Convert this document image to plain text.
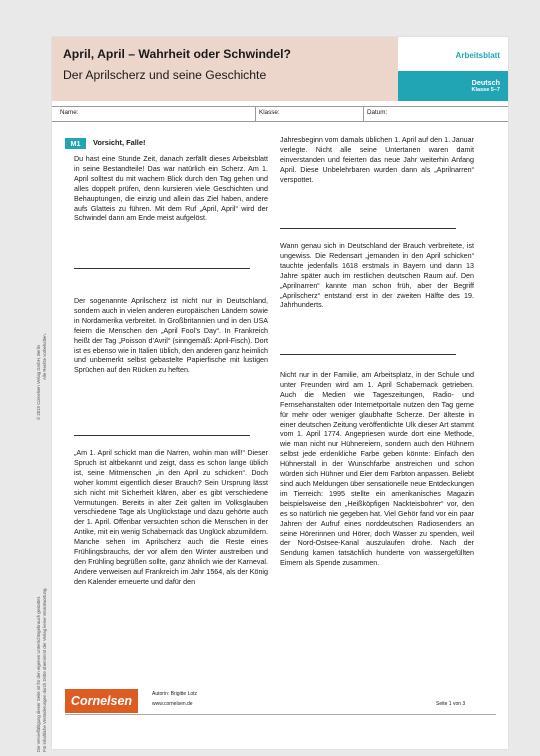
© 2019 Cornelsen Verlag GmbH, Berlin Alle Rechte vorbehalten.
Die Vervielfältigung dieser Seite ist für den eigenen Unterrichtsgebrauch gestattet. Für inhaltliche Veränderungen durch Dritte übernimmt der Verlag keine Verantwortung.
April, April – Wahrheit oder Schwindel?
Der Aprilscherz und seine Geschichte
Arbeitsblatt
Deutsch
Klasse 5–7
Name:	Klasse:	Datum:
M1	Vorsicht, Falle!

Du hast eine Stunde Zeit, danach zerfällt dieses Arbeitsblatt in seine Bestandteile! Das war natürlich ein Scherz. Am 1. April solltest du mit wachem Blick durch den Tag gehen und alles doppelt prüfen, denn kursieren viele Geschichten und Behauptungen, die einzig und allein das Ziel haben, andere aufs Glatteis zu führen. Mit dem Ruf „April, April“ wird der Schwindel dann am Ende meist aufgelöst.

Der sogenannte Aprilscherz ist nicht nur in Deutschland, sondern auch in vielen anderen europäischen Ländern sowie in Nordamerika verbreitet. In Großbritannien und in den USA feiern die Menschen den „April Fool’s Day“. In Frankreich heißt der Tag „Poisson d’Avril“ (sinngemäß: April-Fisch). Dort ist es ebenso wie in Italien üblich, den anderen ganz heimlich und unbemerkt selbst gebastelte Papierfische mit lustigen Sprüchen auf den Rücken zu heften.

„Am 1. April schickt man die Narren, wohin man will!“ Dieser Spruch ist altbekannt und zeigt, dass es schon lange üblich ist, seine Mitmenschen „in den April zu schicken“. Doch woher kommt eigentlich dieser Brauch? Sein Ursprung lässt sich nicht mit Sicherheit klären, aber es gibt verschiedene Vermutungen. Bereits in alter Zeit galten im Volksglauben verschiedene Tage als Unglückstage und dazu gehörte auch der 1. April. Offenbar versuchten schon die Menschen in der Antike, mit ein wenig Schabernack das Unglück abzumildern. Manche sehen im Aprilscherz auch die Reste eines Frühlingsbrauchs, der vor allem den Winter austreiben und den Frühling begrüßen sollte, ganz ähnlich wie der Karneval. Andere verweisen auf Frankreich im Jahr 1564, als der König den Kalender erneuerte und dafür den

Jahresbeginn vom damals üblichen 1. April auf den 1. Januar verlegte. Nicht alle seine Untertanen waren damit einverstanden und feierten das neue Jahr weiterhin Anfang April. Diese Unbelehrbaren wurden dann als „Aprilnarren“ verspottet.

Wann genau sich in Deutschland der Brauch verbreitete, ist ungewiss. Die Redensart „jemanden in den April schicken“ tauchte jedenfalls 1618 erstmals in Bayern und dann 13 Jahre später auch im restlichen deutschen Raum auf. Den „Aprilnarren“ kannte man schon früh, aber der Begriff „Aprilscherz“ entstand erst in der zweiten Hälfte des 19. Jahrhunderts.

Nicht nur in der Familie, am Arbeitsplatz, in der Schule und unter Freunden wird am 1. April Schabernack getrieben. Auch die Medien wie Tageszeitungen, Radio- und Fernsehanstalten oder Internetportale nutzen den Tag gerne für mehr oder weniger glaubhafte Scherze. Der älteste in einer deutschen Zeitung veröffentlichte Ulk dieser Art stammt vom 1. April 1774. Angepriesen wurde dort eine Methode, wie man nicht nur Hühnereiern, sondern auch den Hühnern selbst jede erdenkliche Farbe geben könnte: Einfach den Hühnerstall in der Wunschfarbe anstreichen und schon würden sich Hühner und Eier dem Farbton anpassen. Beliebt sind auch Meldungen über sensationelle neue Entdeckungen im Tierreich: 1995 stellte ein amerikanisches Magazin beispielsweise den „Heißköpfigen Nackteisbohrer“ vor, den es so natürlich nie gegeben hat. Viel Gehör fand vor ein paar Jahren der Aufruf eines norddeutschen Radiosenders an seine Hörerinnen und Hörer, doch Wasser zu spenden, weil der Nord-Ostsee-Kanal auszulaufen drohe. Nach der Sendung kamen tatsächlich hunderte von wassergefüllten Eimern als Spende zusammen.

Cornelsen	Autorin: Brigitte Lotz
www.cornelsen.de	Seite 1 von 3
